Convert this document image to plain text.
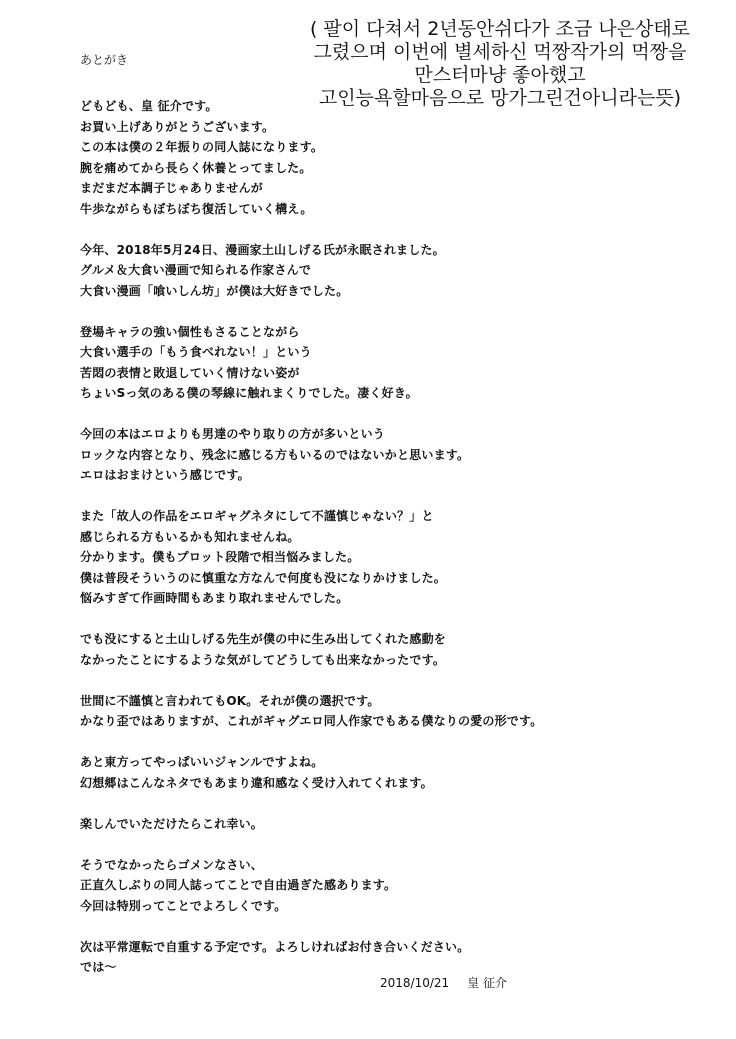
( 팔이 다쳐서 2년동안쉬다가 조금 나은상태로
그렸으며 이번에 별세하신 먹짱작가의 먹짱을
만스터마냥 좋아했고
고인능욕할마음으로 망가그린건아니라는뜻)
あとがき
どもども、皇 征介です。
お買い上げありがとうございます。
この本は僕の２年振りの同人誌になります。
腕を痛めてから長らく休養とってました。
まだまだ本調子じゃありませんが
牛歩ながらもぼちぼち復活していく構え。
今年、2018年5月24日、漫画家土山しげる氏が永眠されました。
グルメ＆大食い漫画で知られる作家さんで
大食い漫画「喰いしん坊」が僕は大好きでした。
登場キャラの強い個性もさることながら
大食い選手の「もう食べれない！」という
苦悶の表情と敗退していく情けない姿が
ちょいSっ気のある僕の琴線に触れまくりでした。凄く好き。
今回の本はエロよりも男達のやり取りの方が多いという
ロックな内容となり、残念に感じる方もいるのではないかと思います。
エロはおまけという感じです。
また「故人の作品をエロギャグネタにして不謹慎じゃない？」と
感じられる方もいるかも知れませんね。
分かります。僕もプロット段階で相当悩みました。
僕は普段そういうのに慎重な方なんで何度も没になりかけました。
悩みすぎて作画時間もあまり取れませんでした。
でも没にすると土山しげる先生が僕の中に生み出してくれた感動を
なかったことにするような気がしてどうしても出来なかったです。
世間に不謹慎と言われてもOK。それが僕の選択です。
かなり歪ではありますが、これがギャグエロ同人作家でもある僕なりの愛の形です。
あと東方ってやっぱいいジャンルですよね。
幻想郷はこんなネタでもあまり違和感なく受け入れてくれます。
楽しんでいただけたらこれ幸い。
そうでなかったらゴメンなさい、
正直久しぶりの同人誌ってことで自由過ぎた感あります。
今回は特別ってことでよろしくです。
次は平常運転で自重する予定です。よろしければお付き合いください。
では～
2018/10/21 皇 征介
